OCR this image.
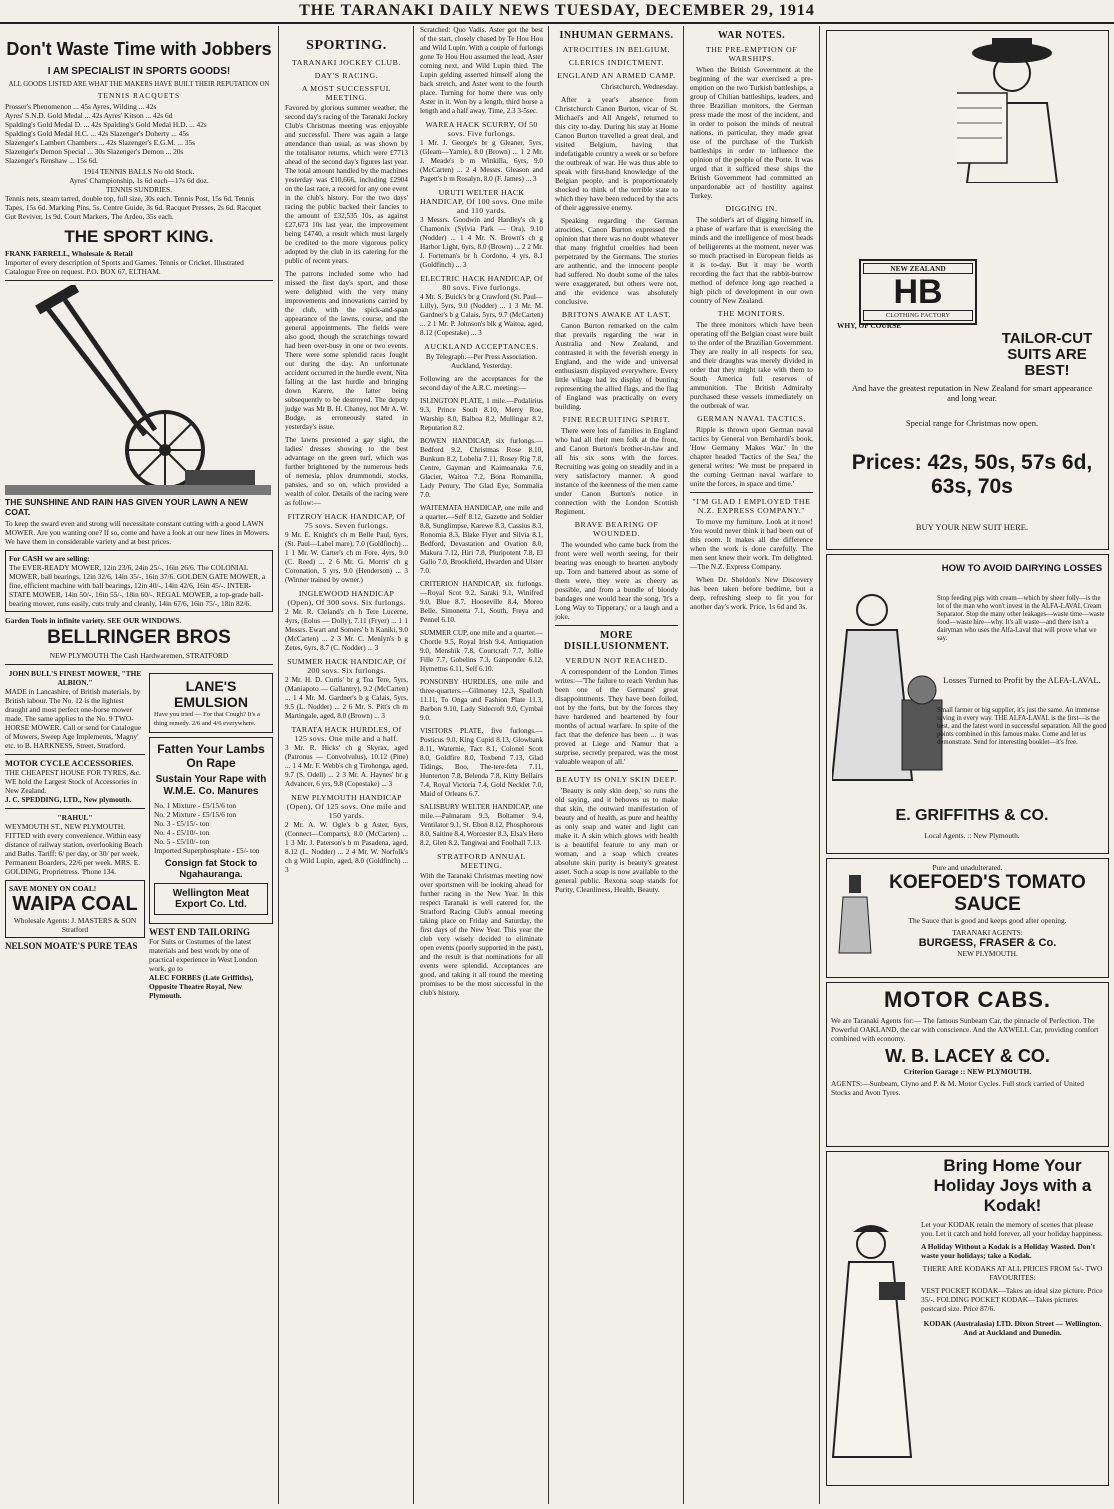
THE TARANAKI DAILY NEWS TUESDAY, DECEMBER 29, 1914
Don't Waste Time with Jobbers
I AM SPECIALIST IN SPORTS GOODS!
ALL GOODS LISTED ARE WHAT THE MAKERS HAVE BUILT THEIR REPUTATION ON
TENNIS RACQUETS
Prosser's Phenomenon ... 45s Ayres, Wilding ... 42s
Ayres' S.N.D. Gold Medal ... 42s Ayres' Kitson ... 42s 6d
Spalding's Gold Medal D. ... 42s Spalding's Gold Medal H.D. ... 42s
Spalding's Gold Medal H.C. ... 42s Slazenger's Doherty ... 45s
Slazenger's Lambert Chambers ... 42s Slazenger's E.G.M. ... 35s
Slazenger's Demon Special ... 30s Slazenger's Demon ... 20s
Slazenger's Renshaw ... 15s 6d.
1914 TENNIS BALLS No old Stock.
Ayres' Championship, 1s 6d each—17s 6d doz.
TENNIS SUNDRIES.
Tennis nets, steam tarred, double top, full size, 30s each. Tennis Post, 15s 6d. Tennis Tapes, 15s 6d. Marking Pins, 5s. Centre Guide, 3s 6d. Racquet Presses, 2s 6d. Racquet Gut Reviver, 1s 9d. Court Markers, The Ardeo, 35s each.
THE SPORT KING.
FRANK FARRELL, Wholesale & Retail
Importer of every description of Sports and Games. Tennis or Cricket. Illustrated Catalogue Free on request. P.O. BOX 67, ELTHAM.
THE SUNSHINE AND RAIN HAS GIVEN YOUR LAWN A NEW COAT.
To keep the sward even and strong will necessitate constant cutting with a good LAWN MOWER. Are you wanting one? If so, come and have a look at our new lines in Mowers. We have them in considerable variety and at best prices.
For CASH we are selling:
The EVER-READY MOWER, 12in 23/6, 24in 25/-, 16in 26/6. The COLONIAL MOWER, ball bearings, 12in 32/6, 14in 35/-, 16in 37/6. GOLDEN GATE MOWER, a fine, efficient machine with ball bearings, 12in 40/-, 14in 42/6, 16in 45/-. INTER-STATE MOWER, 14in 50/-, 16in 55/-, 18in 60/-. REGAL MOWER, a top-grade ball-bearing mower, runs easily, cuts truly and cleanly, 14in 67/6, 16in 75/-, 18in 82/6.
Garden Tools in infinite variety. SEE OUR WINDOWS.
BELLRINGER BROS
NEW PLYMOUTH The Cash Hardwaremen, STRATFORD
JOHN BULL'S FINEST MOWER, "THE ALBION."
MADE in Lancashire, of British materials, by British labour. The No. 12 is the lightest draught and most perfect one-horse mower made. The same applies to the No. 9 TWO-HORSE MOWER. Call or send for Catalogue of Mowers, Sweep Age Implements, 'Magny' etc. to B. HARKNESS, Street, Stratford.
MOTOR CYCLE ACCESSORIES.
THE CHEAPEST HOUSE FOR TYRES, &c.
WE hold the Largest Stock of Accessories in New Zealand.
J. C. SPEDDING, LTD., New plymouth.
"RAHUL"
WEYMOUTH ST., NEW PLYMOUTH.
FITTED with every convenience. Within easy distance of railway station, overlooking Beach and Baths. Tariff: 6/ per day, or 30/ per week. Permanent Boarders, 22/6 per week. MRS. E. GOLDING, Proprietress. 'Phone 134.
SAVE MONEY ON COAL!
WAIPA COAL
Wholesale Agents: J. MASTERS & SON Stratford
NELSON MOATE'S PURE TEAS
LANE'S EMULSION
Have you tried — For that Cough? It's a thing remedy. 2/6 and 4/6 everywhere.
Fatten Your Lambs On Rape
Sustain Your Rape with W.M.E. Co. Manures
No. 1 Mixture - £5/15/6 ton
No. 2 Mixture - £5/15/6 ton
No. 3 - £5/15/- ton
No. 4 - £5/10/- ton
No. 5 - £5/10/- ton
Imported Superphosphate - £5/- ton
Consign fat Stock to Ngahauranga.
Wellington Meat Export Co. Ltd.
WEST END TAILORING
For Suits or Costumes of the latest materials and best work by one of practical experience in West London work, go to
ALEC FORBES (Late Griffiths), Opposite Theatre Royal, New Plymouth.
SPORTING.
TARANAKI JOCKEY CLUB.
DAY'S RACING.
A MOST SUCCESSFUL MEETING.

Favored by glorious summer weather, the second day's racing of the Taranaki Jockey Club's Christmas meeting was enjoyable and successful. There was again a large attendance than usual, as was shown by the totalisator returns, which were £7713 ahead of the second day's figures last year. The total amount handled by the machines yesterday was £10,666, including £2904 on the last race, a record for any one event in the club's history. For the two days' racing the public backed their fancies to the amount of £32,535 10s, as against £27,673 10s last year, the improvement being £4740, a result which must largely be credited to the more vigorous policy adopted by the club in its catering for the public of recent years.

The patrons included some who had missed the first day's sport, and those were delighted with the very many improvements and innovations carried by the club, with the spick-and-span appearance of the lawns, course, and the general appointments. The fields were also good, though the scratchings toward had been over-busy in one or two events. There were some splendid races fought out during the day. An unfortunate accident occurred in the hurdle event, Nita falling at the last hurdle and bringing down Karere, the latter being subsequently to be destroyed. The deputy judge was Mr B. H. Chaney, not Mr A. W. Budge, as erroneously stated in yesterday's issue.

The lawns presented a gay sight, the ladies' dresses showing to the best advantage on the green turf, which was further brightened by the numerous beds of nemesia, phlox drummondi, stocks, pansies, and so on, which provided a wealth of color. Details of the racing were as follow:—

FITZROY HACK HANDICAP, Of 75 sovs. Seven furlongs.

9 Mr. E. Knight's ch m Belle Paul, 6yrs, (St. Paul—Label mare), 7.0 (Goldfinch) ... 1 1 Mr. W. Carter's ch m Fore, 4yrs, 9.0 (C. Reed) ... 2 6 Mr. G. Morris' ch g Coronation, 5 yrs, 9.0 (Henderson) ... 3 (Winner trained by owner.)

INGLEWOOD HANDICAP (Open), Of 300 sovs. Six furlongs.

2 Mr. R. Cleland's ch h Tere Lucerne, 4yrs, (Eolus — Dolly), 7.11 (Fryer) ... 1 1 Messrs. Ewart and Somers' b h Kaniki, 9.0 (McCarten) ... 2 3 Mr. C. Menlyn's b g Zetes, 6yrs, 8.7 (C. Nodder) ... 3

SUMMER HACK HANDICAP, Of 200 sovs. Six furlongs.

2 Mr. H. D. Curtis' br g Toa Tere, 5yrs, (Maniapoto — Gallantry), 9.2 (McCarten) ... 1 4 Mr. M. Gardner's b g Calais, 5yrs, 9.5 (L. Nodder) ... 2 6 Mr. S. Pitt's ch m Martingale, aged, 8.0 (Brown) ... 3

TARATA HACK HURDLES, Of 125 sovs. One mile and a half.

3 Mr. R. Hicks' ch g Skyrax, aged (Patronus — Convolvulus), 10.12 (Pine) ... 1 4 Mr. F. Webb's ch g Tirohonga, aged, 9.7 (S. Odell) ... 2 3 Mr. A. Haynes' br g Advancer, 6 yrs, 9.8 (Copestake) ... 3

NEW PLYMOUTH HANDICAP (Open), Of 125 sovs. One mile and 150 yards.

2 Mr. A. W. Ogle's b g Aster, 6yrs, (Connect—Comparts), 8.0 (McCarten) ... 1 3 Mr. J. Paterson's b m Pasadena, aged, 8.12 (L. Nodder) ... 2 4 Mr. W. Norfolk's ch g Wild Lupin, aged, 8.0 (Goldfinch) ... 3

Scratched: Quo Vadis. Aster got the best of the start, closely chased by Te Hou Hou and Wild Lupin. With a couple of furlongs gone Te Hou Hou assumed the lead, Aster coming next, and Wild Lupin third. The Lupin gelding asserted himself along the back stretch, and Aster went to the fourth place. Turning for home there was only Aster in it. Won by a length, third horse a length and a half away. Time, 2.3 3-5sec.

WAREA HACK SCURRY, Of 50 sovs. Five furlongs.

1 Mr. J. George's br g Gleaner, 5yrs, (Gleam—Yarnle), 8.0 (Brown) ... 1 2 Mr. J. Meade's b m Winkilla, 6yrs, 9.0 (McCarten) ... 2 4 Messrs. Gleason and Pagett's b m Rosalyn, 8.0 (F. James) ... 3

URUTI WELTER HACK HANDICAP, Of 100 sovs. One mile and 110 yards.

3 Messrs. Goodwin and Hardley's ch g Chamonix (Sylvia Park — Ora), 9.10 (Nodder) ... 1 4 Mr. N. Brown's ch g Harbor Light, 6yrs, 8.0 (Brown) ... 2 2 Mr. J. Forteman's br h Cordono, 4 yrs, 8.1 (Goldfinch) ... 3

ELECTRIC HACK HANDICAP, Of 80 sovs. Five furlongs.

4 Mr. S. Buick's br g Crawford (St. Paul—Lilly), 5yrs, 9.0 (Nodder) ... 1 3 Mr. M. Gardner's b g Calais, 5yrs, 9.7 (McCarten) ... 2 1 Mr. P. Johnson's blk g Waitoa, aged, 8.12 (Copestake) ... 3

AUCKLAND ACCEPTANCES.

By Telegraph.—Per Press Association. Auckland, Yesterday.

Following are the acceptances for the second day of the A.R.C. meeting:—

ISLINGTON PLATE, 1 mile.—Podalirius 9.3, Prince Soult 8.10, Merry Roe, Warship 8.0, Balboa 8.2, Mullingar 8.2, Reputation 8.2.

BOWEN HANDICAP, six furlongs.—Bedford 9.2, Christmas Rose 8.10, Bunkum 8.2, Lobelia 7.11, Rosey Rig 7.8, Centre, Gayman and Kaimoanaka 7.6, Glacier, Waitoa 7.2, Bona Romanilla, Lady Penury, The Glad Eye, Sommalia 7.0.

WAITEMATA HANDICAP, one mile and a quarter.—Self 8.12, Gazette and Soldier 8.8, Sunglimpse, Karewe 8.3, Cassius 8.3, Ronomia 8.3, Blake Flyer and Silvia 8.1, Bedford, Devastation and Ovation 8.0, Makura 7.12, Hiri 7.8, Pluripotent 7.8, El Gallo 7.0, Brookfield, Hwarden and Ulster 7.0.

CRITERION HANDICAP, six furlongs.—Royal Scot 9.2, Saraki 9.1, Winifred 9.0, Blue 8.7, Hooseville 8.4, Moreo Belle, Simonetta 7.1, South, Freya and Pennel 6.10.

SUMMER CUP, one mile and a quarter.—Chortle 9.5, Royal Irish 9.4, Antiquation 9.0, Menshik 7.8, Courtcraft 7.7, Jollie Fille 7.7, Gobelins 7.3, Ganponder 6.12, Hymettus 6.11, Self 6.10.

PONSONBY HURDLES, one mile and three-quarters.—Gilmoney 12.3, Spalloth 11.11, To Onga and Fashion Plate 11.3, Barbon 9.10, Lady Sidecroft 9.0, Cymbal 9.0.

VISITORS PLATE, five furlongs.—Posticus 9.0, King Cupid 8.13, Glowbank 8.11, Waternie, Tact 8.1, Colonel Scott 8.0, Goldfire 8.0, Toxbend 7.13, Glad Tidings, Boo, The-tere-feta 7.11, Hunterton 7.8, Belenda 7.8, Kitty Bellairs 7.4, Royal Victoria 7.4, Gold Necklet 7.0, Maid of Orleans 6.7.

SALISBURY WELTER HANDICAP, one mile.—Palmaram 9.3, Boltamer 9.4, Ventilator 9.1, St. Ebon 8.12, Phosphorous 8.0, Saitine 8.4, Worcester 8.3, Elsa's Hero 8.2, Glen 8.2, Tangiwai and Foolhall 7.13.

STRATFORD ANNUAL MEETING.

With the Taranaki Christmas meeting now over sportsmen will be looking ahead for further racing in the New Year. In this respect Taranaki is well catered for, the Stratford Racing Club's annual meeting taking place on Friday and Saturday, the first days of the New Year. This year the club very wisely decided to eliminate open events (poorly supported in the past), and the result is that nominations for all events were splendid. Acceptances are good, and taking it all round the meeting promises to be the most successful in the club's history.

INHUMAN GERMANS.
ATROCITIES IN BELGIUM.
CLERICS INDICTMENT.
ENGLAND AN ARMED CAMP.

Christchurch, Wednesday.

After a year's absence from Christchurch Canon Burton, vicar of St. Michael's and All Angels', returned to this city to-day. During his stay at Home Canon Burton travelled a great deal, and visited Belgium, having that indefatigable country a week or so before the outbreak of war. He was thus able to speak with first-hand knowledge of the Belgian people, and is proportionately shocked to think of the terrible state to which they have been reduced by the acts of their aggressive enemy.

Speaking regarding the German atrocities, Canon Burton expressed the opinion that there was no doubt whatever that many frightful cruelties had been perpetrated by the Germans. The stories are authentic, and the innocent people had suffered. No doubt some of the tales were exaggerated, but others were not, and the evidence was absolutely conclusive.

BRITONS AWAKE AT LAST.

Canon Burton remarked on the calm that prevails regarding the war in Australia and New Zealand, and contrasted it with the feverish energy in England, and the wide and universal enthusiasm displayed everywhere. Every little village had its display of bunting representing the allied flags, and the flag of England was practically on every building.

FINE RECRUITING SPIRIT.

There were lots of families in England who had all their men folk at the front, and Canon Burton's brother-in-law and all his six sons with the forces. Recruiting was going on steadily and in a very satisfactory manner. A good instance of the keenness of the men came under Canon Burton's notice in connection with the London Scottish Regiment.

BRAVE BEARING OF WOUNDED.

The wounded who came back from the front were well worth seeing, for their bearing was enough to hearten anybody up. Torn and battered about as some of them were, they were as cheery as possible, and from a bundle of bloody bandages one would hear the song, 'It's a Long Way to Tipperary,' or a laugh and a joke.

MORE DISILLUSIONMENT.
VERDUN NOT REACHED.

A correspondent of the London Times writes:—'The failure to reach Verdun has been one of the Germans' great disappointments. They have been foiled, not by the forts, but by the forces they have hardened and heartened by four months of actual warfare. In spite of the fact that the defence has been ... it was proved at Liege and Namur that a surprise, secretly prepared, was the most valuable weapon of all.'

BEAUTY IS ONLY SKIN DEEP.

'Beauty is only skin deep,' so runs the old saying, and it behoves us to make that skin, the outward manifestation of beauty and of health, as pure and healthy as only soap and water and light can make it. A skin which glows with health is a beautiful feature to any man or woman, and a soap which creates absolute skin purity is beauty's greatest asset. Such a soap is now available to the general public. Rexona soap stands for Purity, Cleanliness, Health, Beauty.

WAR NOTES.
THE PRE-EMPTION OF WARSHIPS.

When the British Government at the beginning of the war exercised a pre-emption on the two Turkish battleships, a group of Chilian battleships, leaders, and three Brazilian monitors, the German press made the most of the incident, and in order to poison the minds of neutral nations, in particular, they made great use of the purchase of the Turkish battleships in order to influence the opinion of the people of the Porte. It was urged that it sufficed these ships the British Government had committed an unpardonable act of hostility against Turkey.

DIGGING IN.

The soldier's art of digging himself in, a phase of warfare that is exercising the minds and the intelligence of most heads of belligerents at the moment, never was so much practised in European fields as it is to-day. But it may be worth recording the fact that the rabbit-burrow method of defence long ago reached a high pitch of development in our own country of New Zealand.

THE MONITORS.

The three monitors which have been operating off the Belgian coast were built to the order of the Brazilian Government. They are really in all respects for sea, and their draughts was merely divided in order that they might take with them to South America full reserves of ammunition. The British Admiralty purchased these vessels immediately on the outbreak of war.

GERMAN NAVAL TACTICS.

Ripple is thrown upon German naval tactics by General von Bernhardi's book, 'How Germany Makes War.' In the chapter headed 'Tactics of the Sea,' the general writes: 'We must be prepared in the coming German naval warfare to unite the forces, in space and time.'

"I'M GLAD I EMPLOYED THE N.Z. EXPRESS COMPANY."

To move my furniture. Look at it now! You would never think it had been out of this room. It makes all the difference when the work is done carefully. The men sent knew their work. I'm delighted.—The N.Z. Express Company.

When Dr. Sheldon's New Discovery has been taken before bedtime, but a deep, refreshing sleep to fit you for another day's work. Price, 1s 6d and 3s.

WHY, OF COURSE
NEW ZEALAND
HB
CLOTHING FACTORY
TAILOR-CUT SUITS ARE BEST!
And have the greatest reputation in New Zealand for smart appearance and long wear.
Special range for Christmas now open.
Prices: 42s, 50s, 57s 6d, 63s, 70s
BUY YOUR NEW SUIT HERE.
HOW TO AVOID DAIRYING LOSSES
Stop feeding pigs with cream—which by sheer folly—is the lot of the man who won't invest in the ALFA-LAVAL Cream Separator. Stop the many other leakages—waste time—waste food—waste hire—why. It's all waste—and there isn't a dairyman who uses the Alfa-Laval that will prove what we say.
Losses Turned to Profit by the ALFA-LAVAL.
Small farmer or big supplier, it's just the same. An immense saving in every way. THE ALFA-LAVAL is the first—is the best, and the latest word in successful separation. All the good points combined in this famous make. Come and let us demonstrate. Send for interesting booklet—it's free.
E. GRIFFITHS & CO.
Local Agents. :: New Plymouth.
Pure and unadulterated.
KOEFOED'S TOMATO SAUCE
The Sauce that is good and keeps good after opening.
TARANAKI AGENTS:
BURGESS, FRASER & Co.
NEW PLYMOUTH.
MOTOR CABS.
We are Taranaki Agents for:— The famous Sunbeam Car, the pinnacle of Perfection. The Powerful OAKLAND, the car with conscience. And the AXWELL Car, providing comfort combined with economy.
W. B. LACEY & CO.
Criterion Garage :: NEW PLYMOUTH.
AGENTS:—Sunbeam, Clyno and P. & M. Motor Cycles. Full stock carried of United Stocks and Avon Tyres.
Bring Home Your Holiday Joys with a Kodak!
Let your KODAK retain the memory of scenes that please you. Let it catch and hold forever, all your holiday happiness.
A Holiday Without a Kodak is a Holiday Wasted. Don't waste your holidays; take a Kodak.
THERE ARE KODAKS AT ALL PRICES FROM 5s/- TWO FAVOURITES:
VEST POCKET KODAK—Takes an ideal size picture. Price 35/-. FOLDING POCKET KODAK—Takes pictures postcard size. Price 87/6.
KODAK (Australasia) LTD. Dixon Street — Wellington. And at Auckland and Dunedin.
